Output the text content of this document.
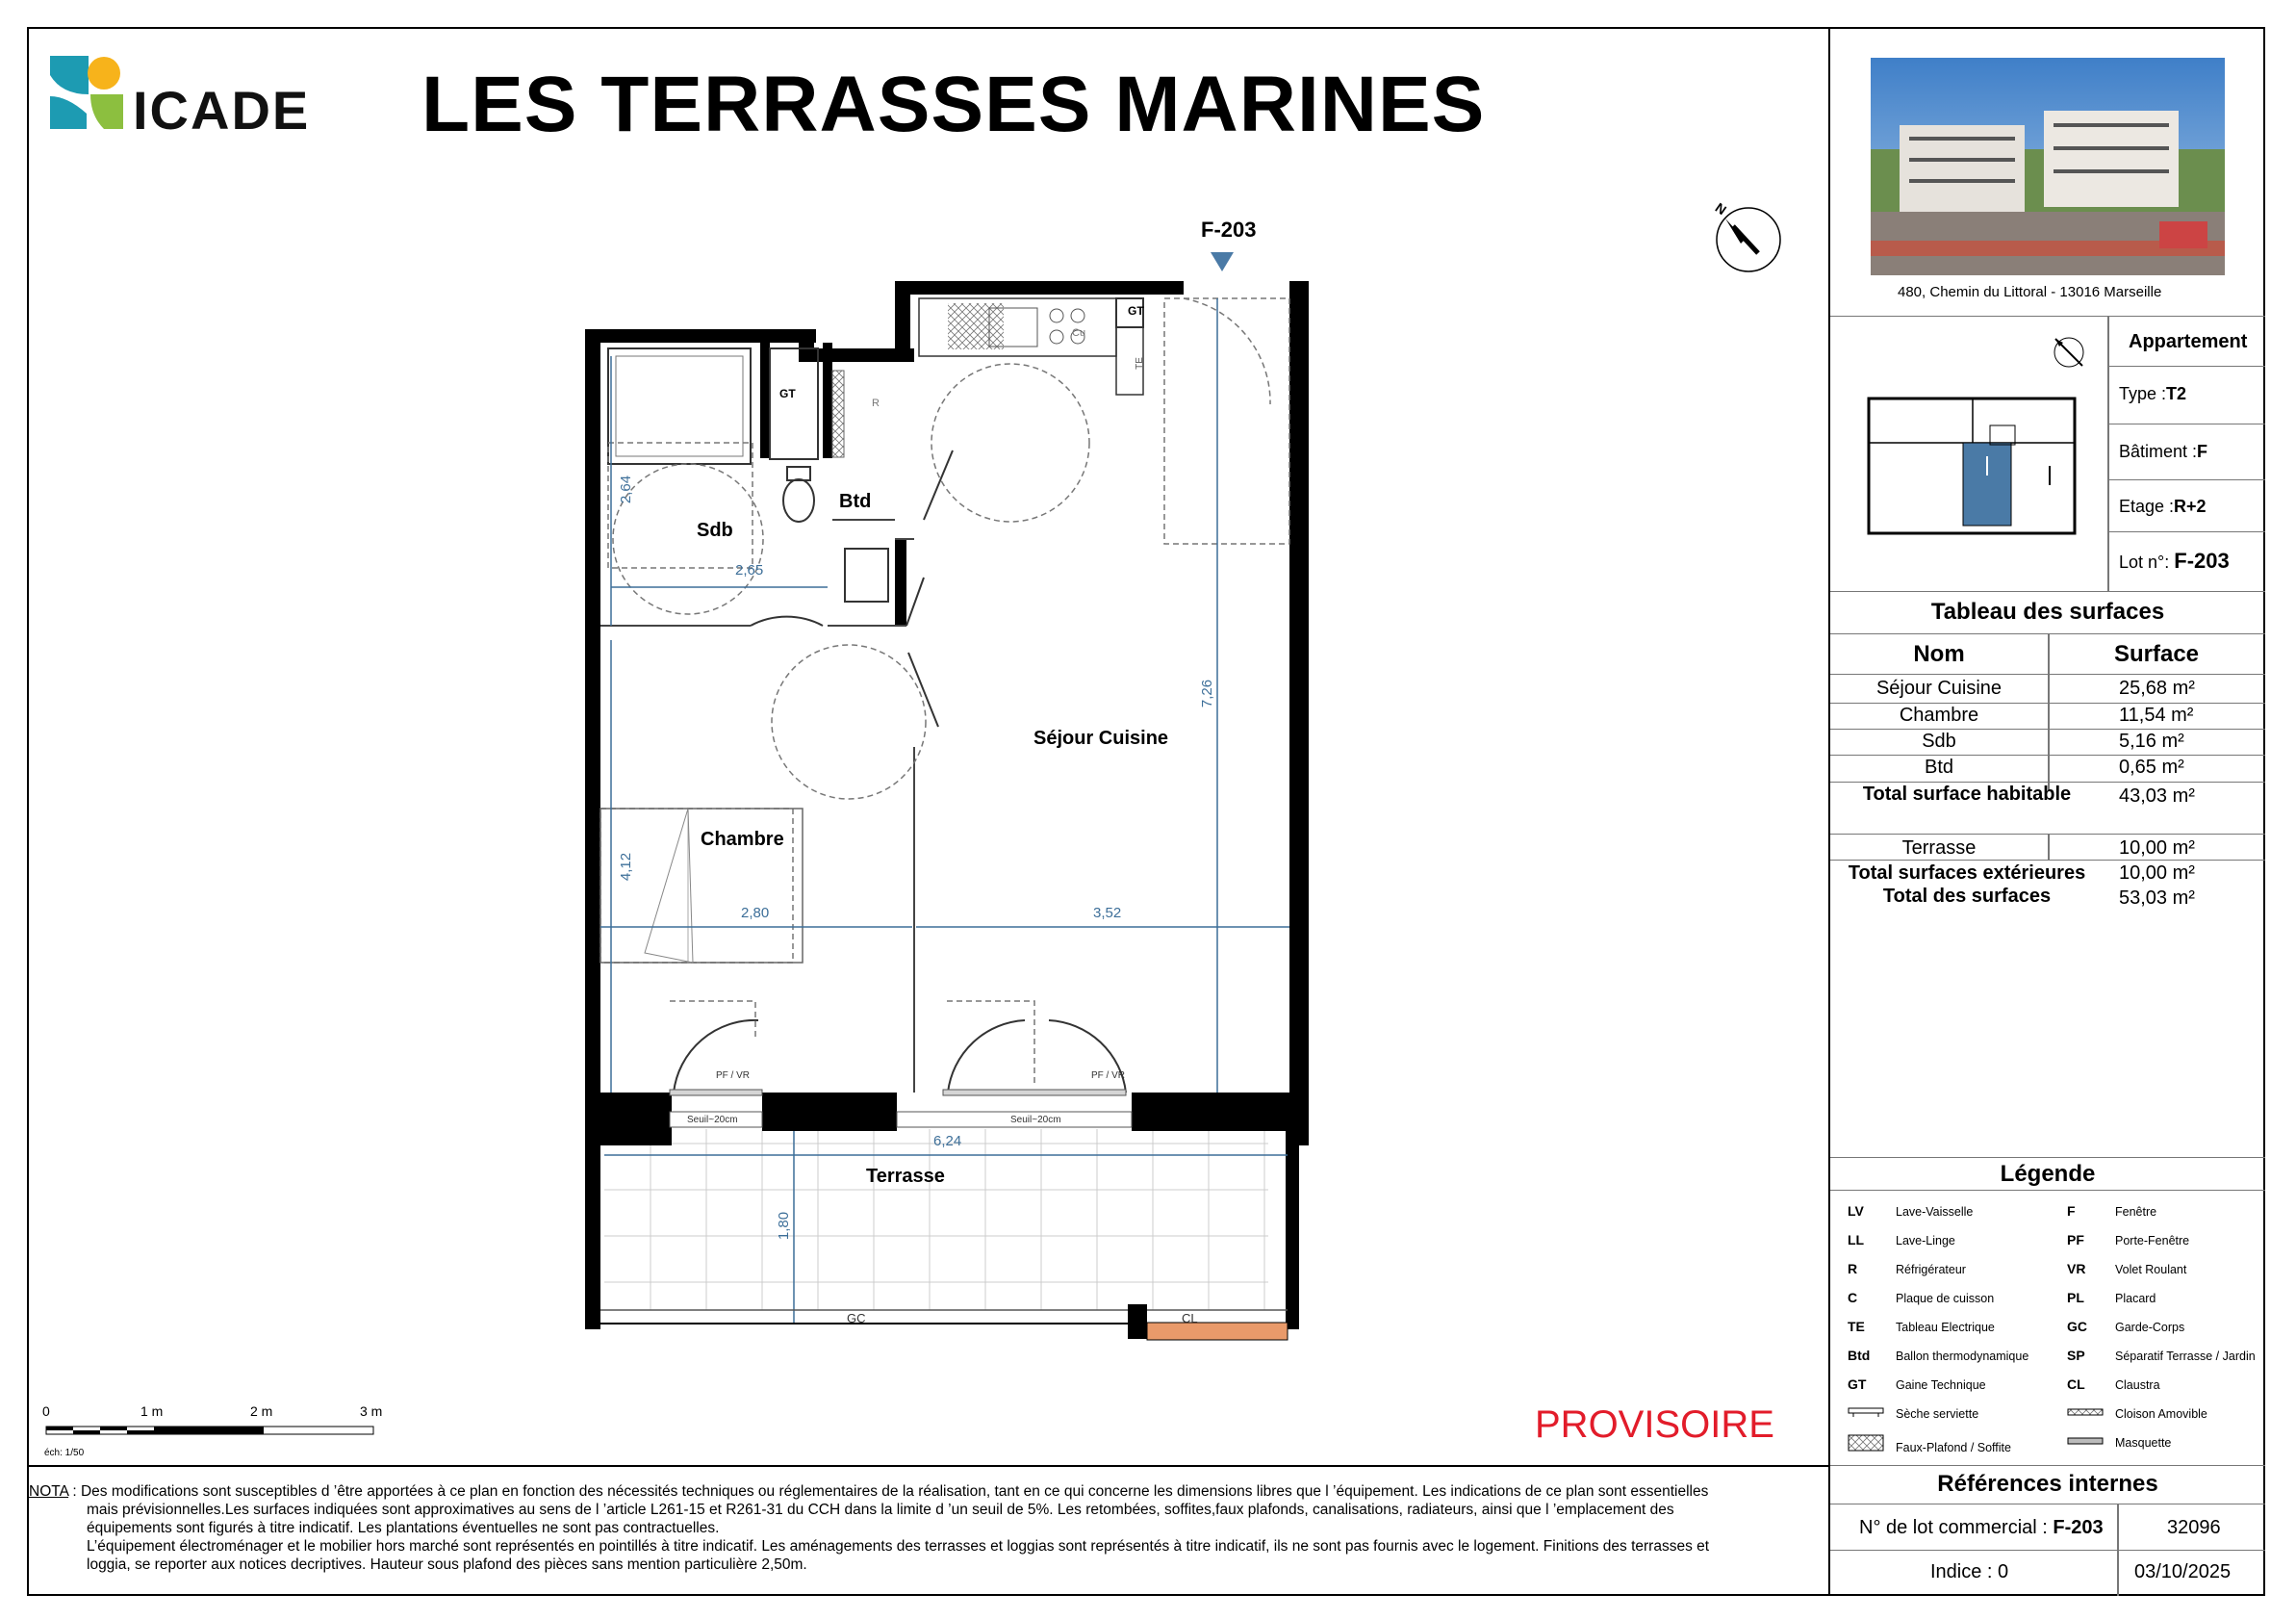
ICADE LES TERRASSES MARINES
F-203
Sdb
Btd
Séjour Cuisine
Chambre
Terrasse
GT
GT
R
Cu
TE
PF / VR	PF / VR
Seuil~20cm	Seuil~20cm
GC	CL
2,64
2,65
7,26
4,12
2,80	3,52
6,24
1,80
N
0	1 m	2 m	3 m
éch: 1/50
PROVISOIRE

NOTA : Des modifications sont susceptibles d ’être apportées à ce plan en fonction des nécessités techniques ou réglementaires de la réalisation, tant en ce qui concerne les dimensions libres que l ’équipement. Les indications de ce plan sont essentielles

mais prévisionnelles.Les surfaces indiquées sont approximatives au sens de l ’article L261-15 et R261-31 du CCH dans la limite d ’un seuil de 5%. Les retombées, soffites,faux plafonds, canalisations, radiateurs, ainsi que l ’emplacement des

équipements sont figurés à titre indicatif. Les plantations éventuelles ne sont pas contractuelles.

L’équipement électroménager et le mobilier hors marché sont représentés en pointillés à titre indicatif. Les aménagements des terrasses et loggias sont représentés à titre indicatif, ils ne sont pas fournis avec le logement. Finitions des terrasses et

loggia, se reporter aux notices decriptives. Hauteur sous plafond des pièces sans mention particulière 2,50m.

480, Chemin du Littoral - 13016 Marseille
Appartement
Type :T2
Bâtiment :F
Etage :R+2
Lot n°: F-203
Tableau des surfaces
Nom	Surface
Séjour Cuisine	25,68 m²
Chambre	11,54 m²
Sdb	5,16 m²
Btd	0,65 m²
Total surface habitable	43,03 m²
Terrasse	10,00 m²
Total surfaces extérieures	10,00 m²
Total des surfaces	53,03 m²
Légende
LV	Lave-Vaisselle
LL	Lave-Linge
R	Réfrigérateur
C	Plaque de cuisson
TE	Tableau Electrique
Btd Ballon thermodynamique
GT Gaine Technique
Sèche serviette
Faux-Plafond / Soffite
F	Fenêtre
PF	Porte-Fenêtre
VR Volet Roulant
PL	Placard
GC Garde-Corps
SP	Séparatif Terrasse / Jardin
CL	Claustra
Cloison Amovible
Masquette
Références internes
N° de lot commercial : F-203	32096
Indice : 0	03/10/2025
